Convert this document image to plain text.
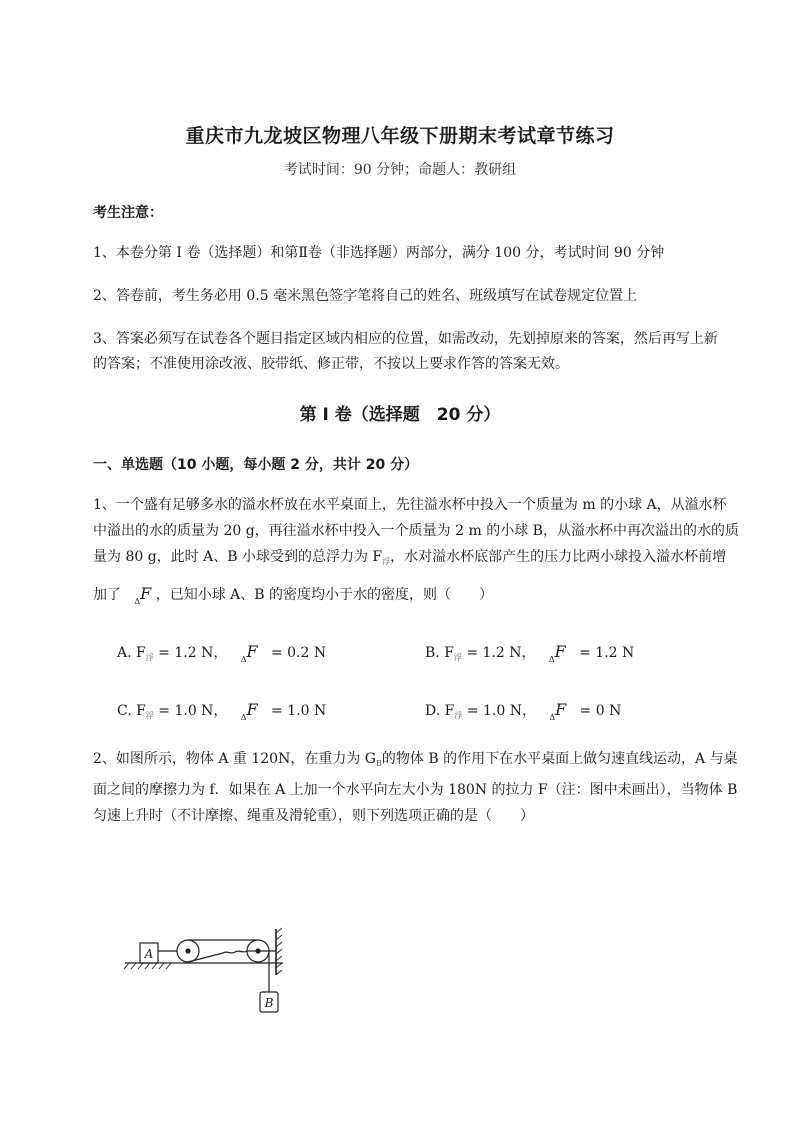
重庆市九龙坡区物理八年级下册期末考试章节练习
考试时间：90 分钟；命题人：教研组
考生注意：
1、本卷分第 I 卷（选择题）和第Ⅱ卷（非选择题）两部分，满分 100 分，考试时间 90 分钟
2、答卷前，考生务必用 0.5 毫米黑色签字笔将自己的姓名、班级填写在试卷规定位置上
3、答案必须写在试卷各个题目指定区域内相应的位置，如需改动，先划掉原来的答案，然后再写上新
的答案；不准使用涂改液、胶带纸、修正带，不按以上要求作答的答案无效。
第 I 卷（选择题　20 分）
一、单选题（10 小题，每小题 2 分，共计 20 分）
1、一个盛有足够多水的溢水杯放在水平桌面上，先往溢水杯中投入一个质量为 m 的小球 A，从溢水杯
中溢出的水的质量为 20 g，再往溢水杯中投入一个质量为 2 m 的小球 B，从溢水杯中再次溢出的水的质
量为 80 g，此时 A、B 小球受到的总浮力为 $F_浮$，水对溢水杯底部产生的压力比两小球投入溢水杯前增
加了 $_\Delta$F ，已知小球 A、B 的密度均小于水的密度，则（　　）
A. $F_浮 = 1.2$ N， $_\Delta$F   = 0.2 N	B. $F_浮 = 1.2$ N， $_\Delta$F   = 1.2 N
C. $F_浮 = 1.0$ N， $_\Delta$F   = 1.0 N	D. $F_浮 = 1.0$ N， $_\Delta$F   = 0 N
2、如图所示，物体 A 重 120N，在重力为 $G_B$的物体 B 的作用下在水平桌面上做匀速直线运动，A 与桌
面之间的摩擦力为 f．如果在 A 上加一个水平向左大小为 180N 的拉力 F（注：图中未画出），当物体 B
匀速上升时（不计摩擦、绳重及滑轮重），则下列选项正确的是（　　）
A
B
